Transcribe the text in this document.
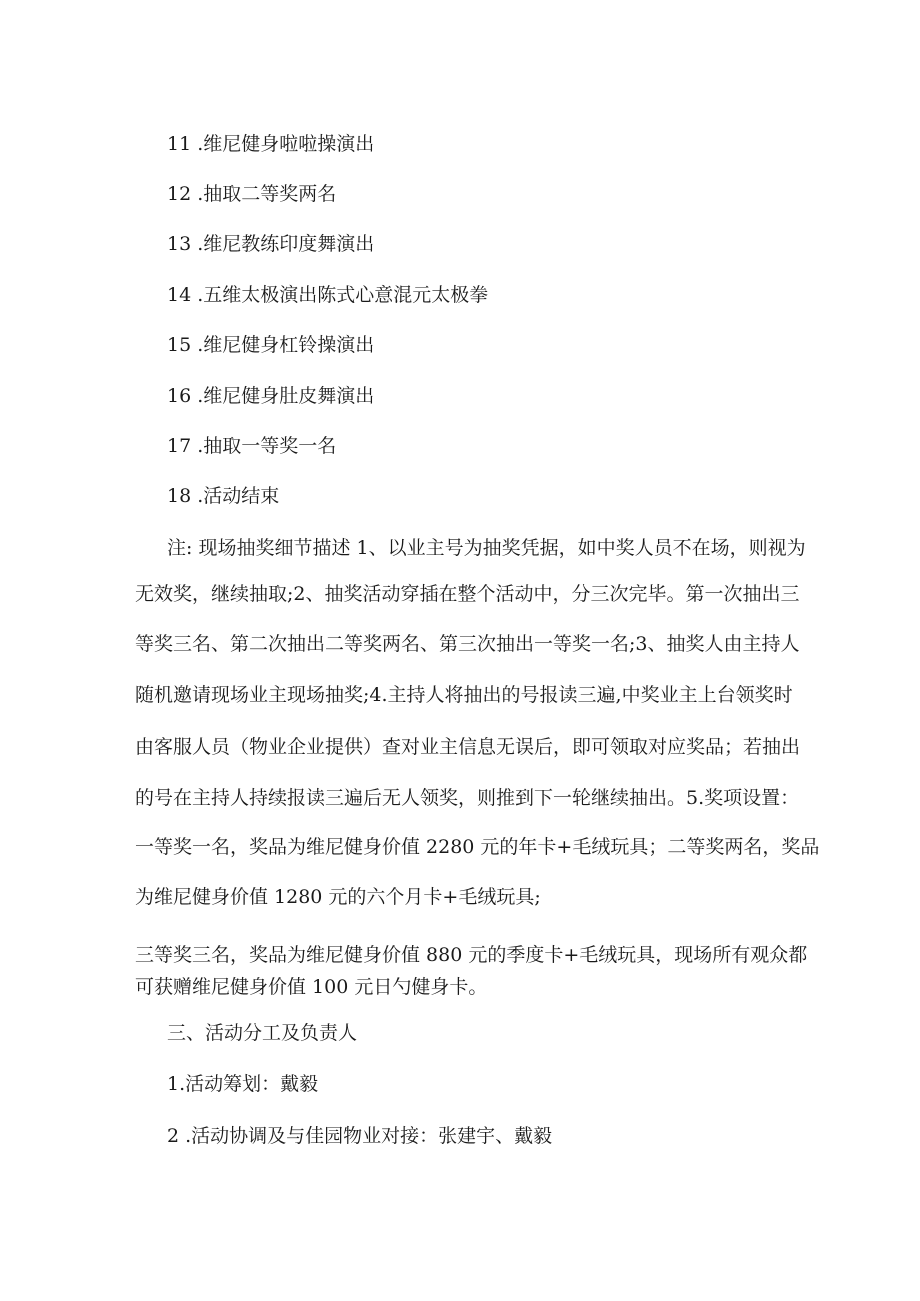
11 .维尼健身啦啦操演出
12 .抽取二等奖两名
13 .维尼教练印度舞演出
14 .五维太极演出陈式心意混元太极拳
15 .维尼健身杠铃操演出
16 .维尼健身肚皮舞演出
17 .抽取一等奖一名
18 .活动结束
注: 现场抽奖细节描述 1、以业主号为抽奖凭据，如中奖人员不在场，则视为
无效奖，继续抽取;2、抽奖活动穿插在整个活动中，分三次完毕。第一次抽出三
等奖三名、第二次抽出二等奖两名、第三次抽出一等奖一名;3、抽奖人由主持人
随机邀请现场业主现场抽奖;4.主持人将抽出的号报读三遍,中奖业主上台领奖时
由客服人员（物业企业提供）查对业主信息无误后，即可领取对应奖品；若抽出
的号在主持人持续报读三遍后无人领奖，则推到下一轮继续抽出。5.奖项设置：
一等奖一名，奖品为维尼健身价值 2280 元的年卡+毛绒玩具；二等奖两名，奖品
为维尼健身价值 1280 元的六个月卡+毛绒玩具;
三等奖三名，奖品为维尼健身价值 880 元的季度卡+毛绒玩具，现场所有观众都
可获赠维尼健身价值 100 元日勺健身卡。
三、活动分工及负责人
1.活动筹划：戴毅
2 .活动协调及与佳园物业对接：张建宇、戴毅
